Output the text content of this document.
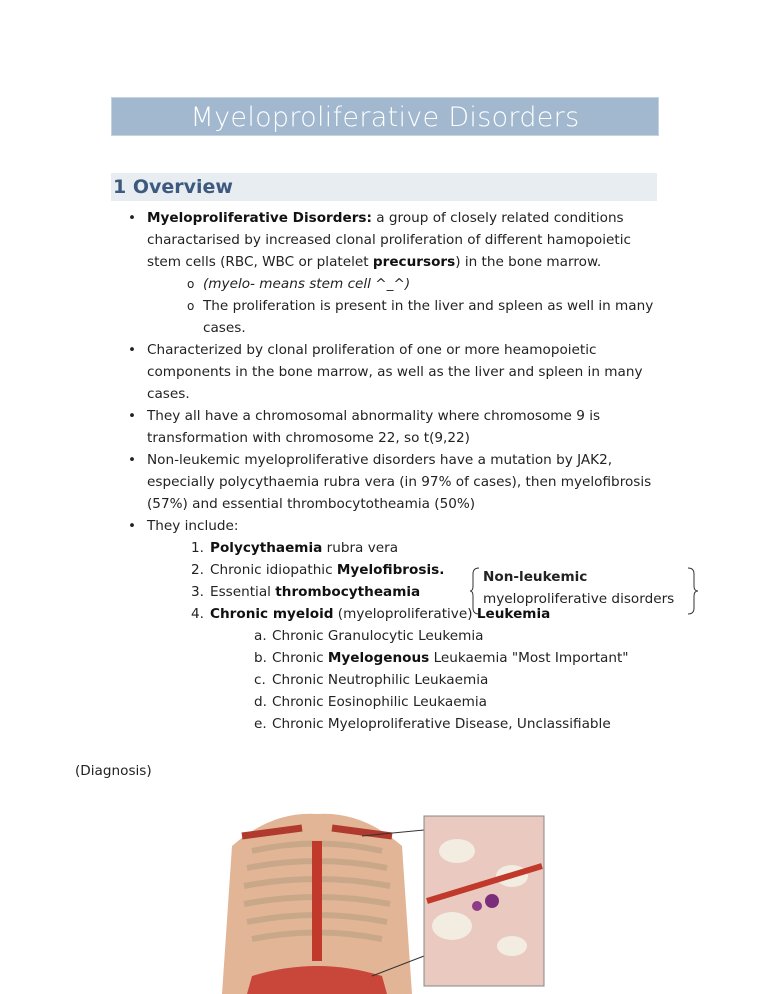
Myeloproliferative Disorders
1 Overview
• Myeloproliferative Disorders: a group of closely related conditions charactarised by increased clonal proliferation of different hamopoietic stem cells (RBC, WBC or platelet precursors) in the bone marrow.
o (myelo- means stem cell ^_^)
o The proliferation is present in the liver and spleen as well in many cases.
• Characterized by clonal proliferation of one or more heamopoietic components in the bone marrow, as well as the liver and spleen in many cases.
• They all have a chromosomal abnormality where chromosome 9 is transformation with chromosome 22, so t(9,22)
• Non-leukemic myeloproliferative disorders have a mutation by JAK2, especially polycythaemia rubra vera (in 97% of cases), then myelofibrosis (57%) and essential thrombocytotheamia (50%)
• They include:
1. Polycythaemia rubra vera
2. Chronic idiopathic Myelofibrosis.
3. Essential thrombocytheamia
4. Chronic myeloid (myeloproliferative) Leukemia
a. Chronic Granulocytic Leukemia
b. Chronic Myelogenous Leukaemia "Most Important"
c. Chronic Neutrophilic Leukaemia
d. Chronic Eosinophilic Leukaemia
e. Chronic Myeloproliferative Disease, Unclassifiable
Non-leukemic
myeloproliferative disorders
(Diagnosis)
